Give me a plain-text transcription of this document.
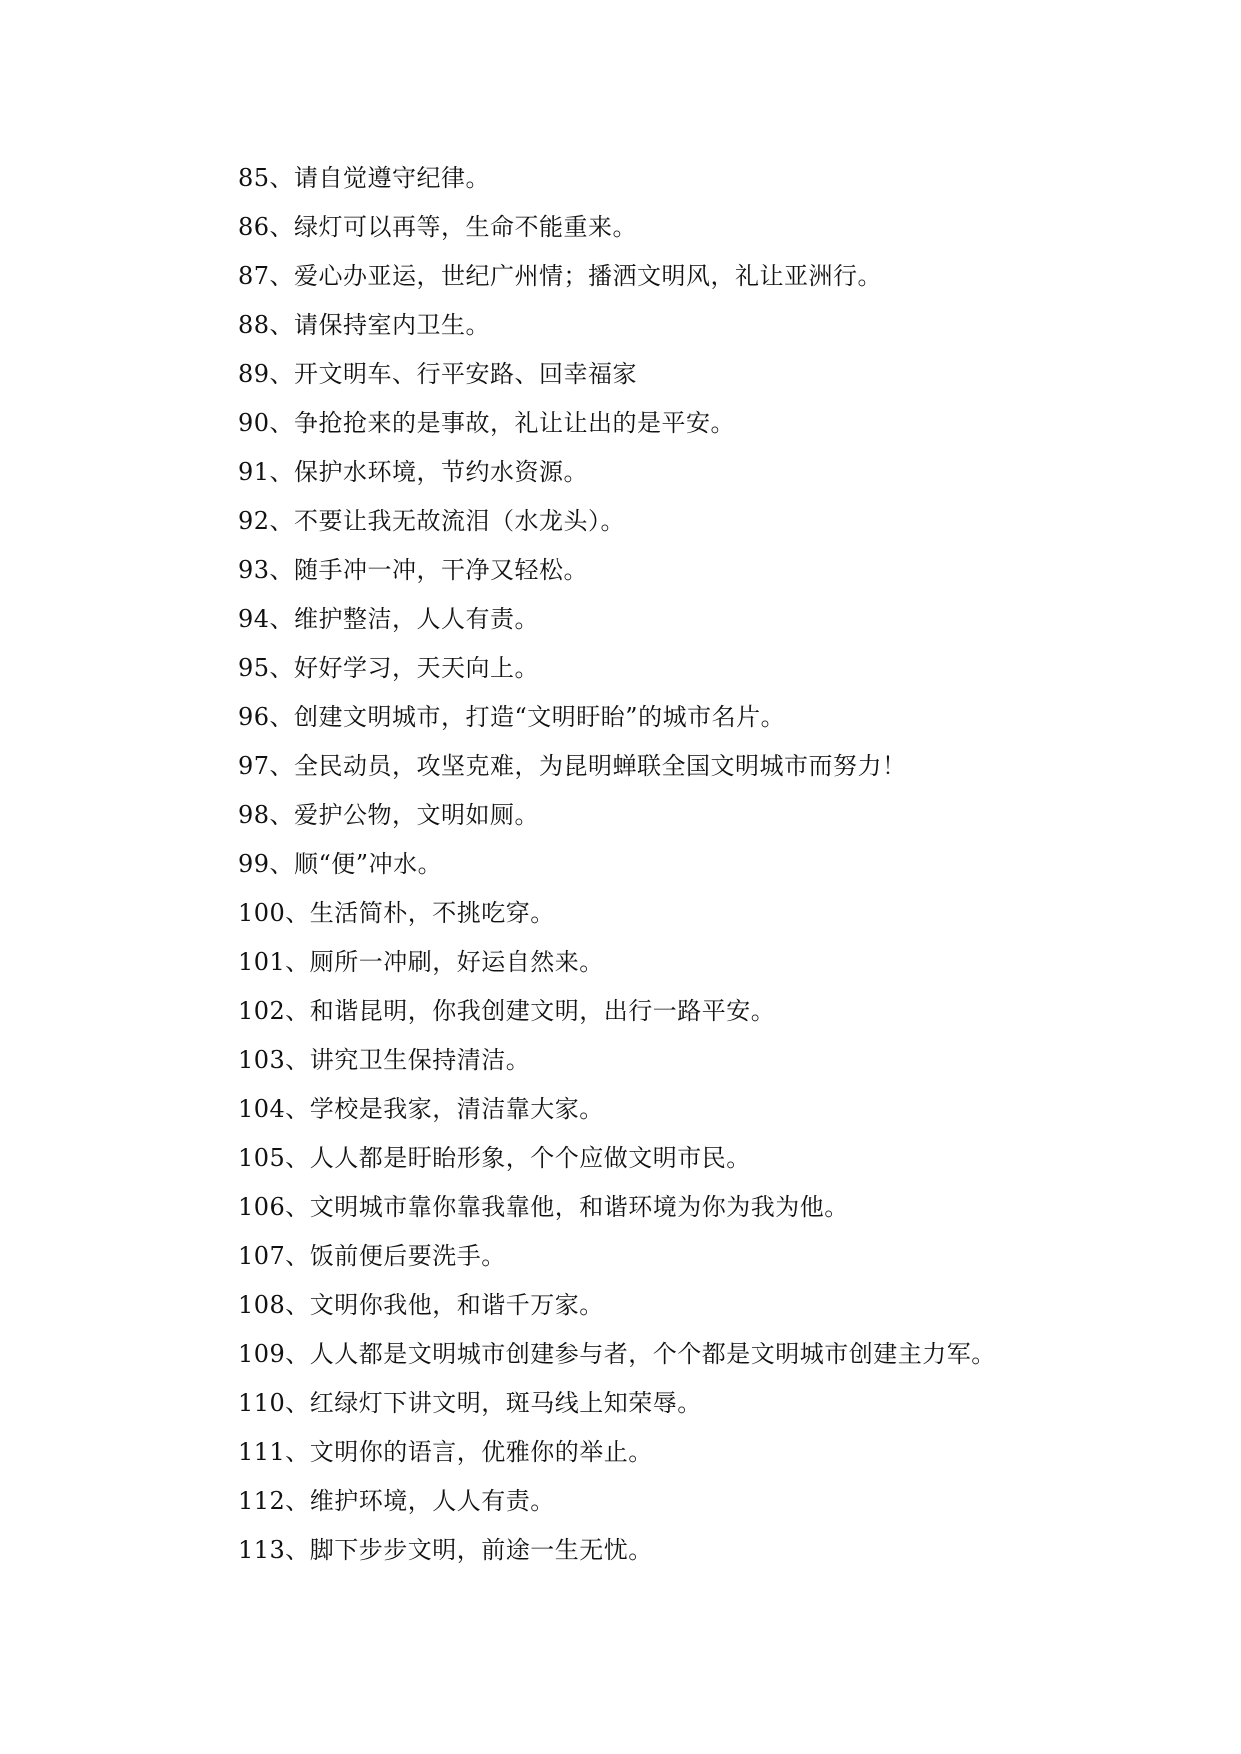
85、请自觉遵守纪律。
86、绿灯可以再等，生命不能重来。
87、爱心办亚运，世纪广州情；播洒文明风，礼让亚洲行。
88、请保持室内卫生。
89、开文明车、行平安路、回幸福家
90、争抢抢来的是事故，礼让让出的是平安。
91、保护水环境，节约水资源。
92、不要让我无故流泪（水龙头）。
93、随手冲一冲，干净又轻松。
94、维护整洁，人人有责。
95、好好学习，天天向上。
96、创建文明城市，打造“文明盱眙”的城市名片。
97、全民动员，攻坚克难，为昆明蝉联全国文明城市而努力！
98、爱护公物，文明如厕。
99、顺“便”冲水。
100、生活简朴，不挑吃穿。
101、厕所一冲刷，好运自然来。
102、和谐昆明，你我创建文明，出行一路平安。
103、讲究卫生保持清洁。
104、学校是我家，清洁靠大家。
105、人人都是盱眙形象，个个应做文明市民。
106、文明城市靠你靠我靠他，和谐环境为你为我为他。
107、饭前便后要洗手。
108、文明你我他，和谐千万家。
109、人人都是文明城市创建参与者，个个都是文明城市创建主力军。
110、红绿灯下讲文明，斑马线上知荣辱。
111、文明你的语言，优雅你的举止。
112、维护环境，人人有责。
113、脚下步步文明，前途一生无忧。
